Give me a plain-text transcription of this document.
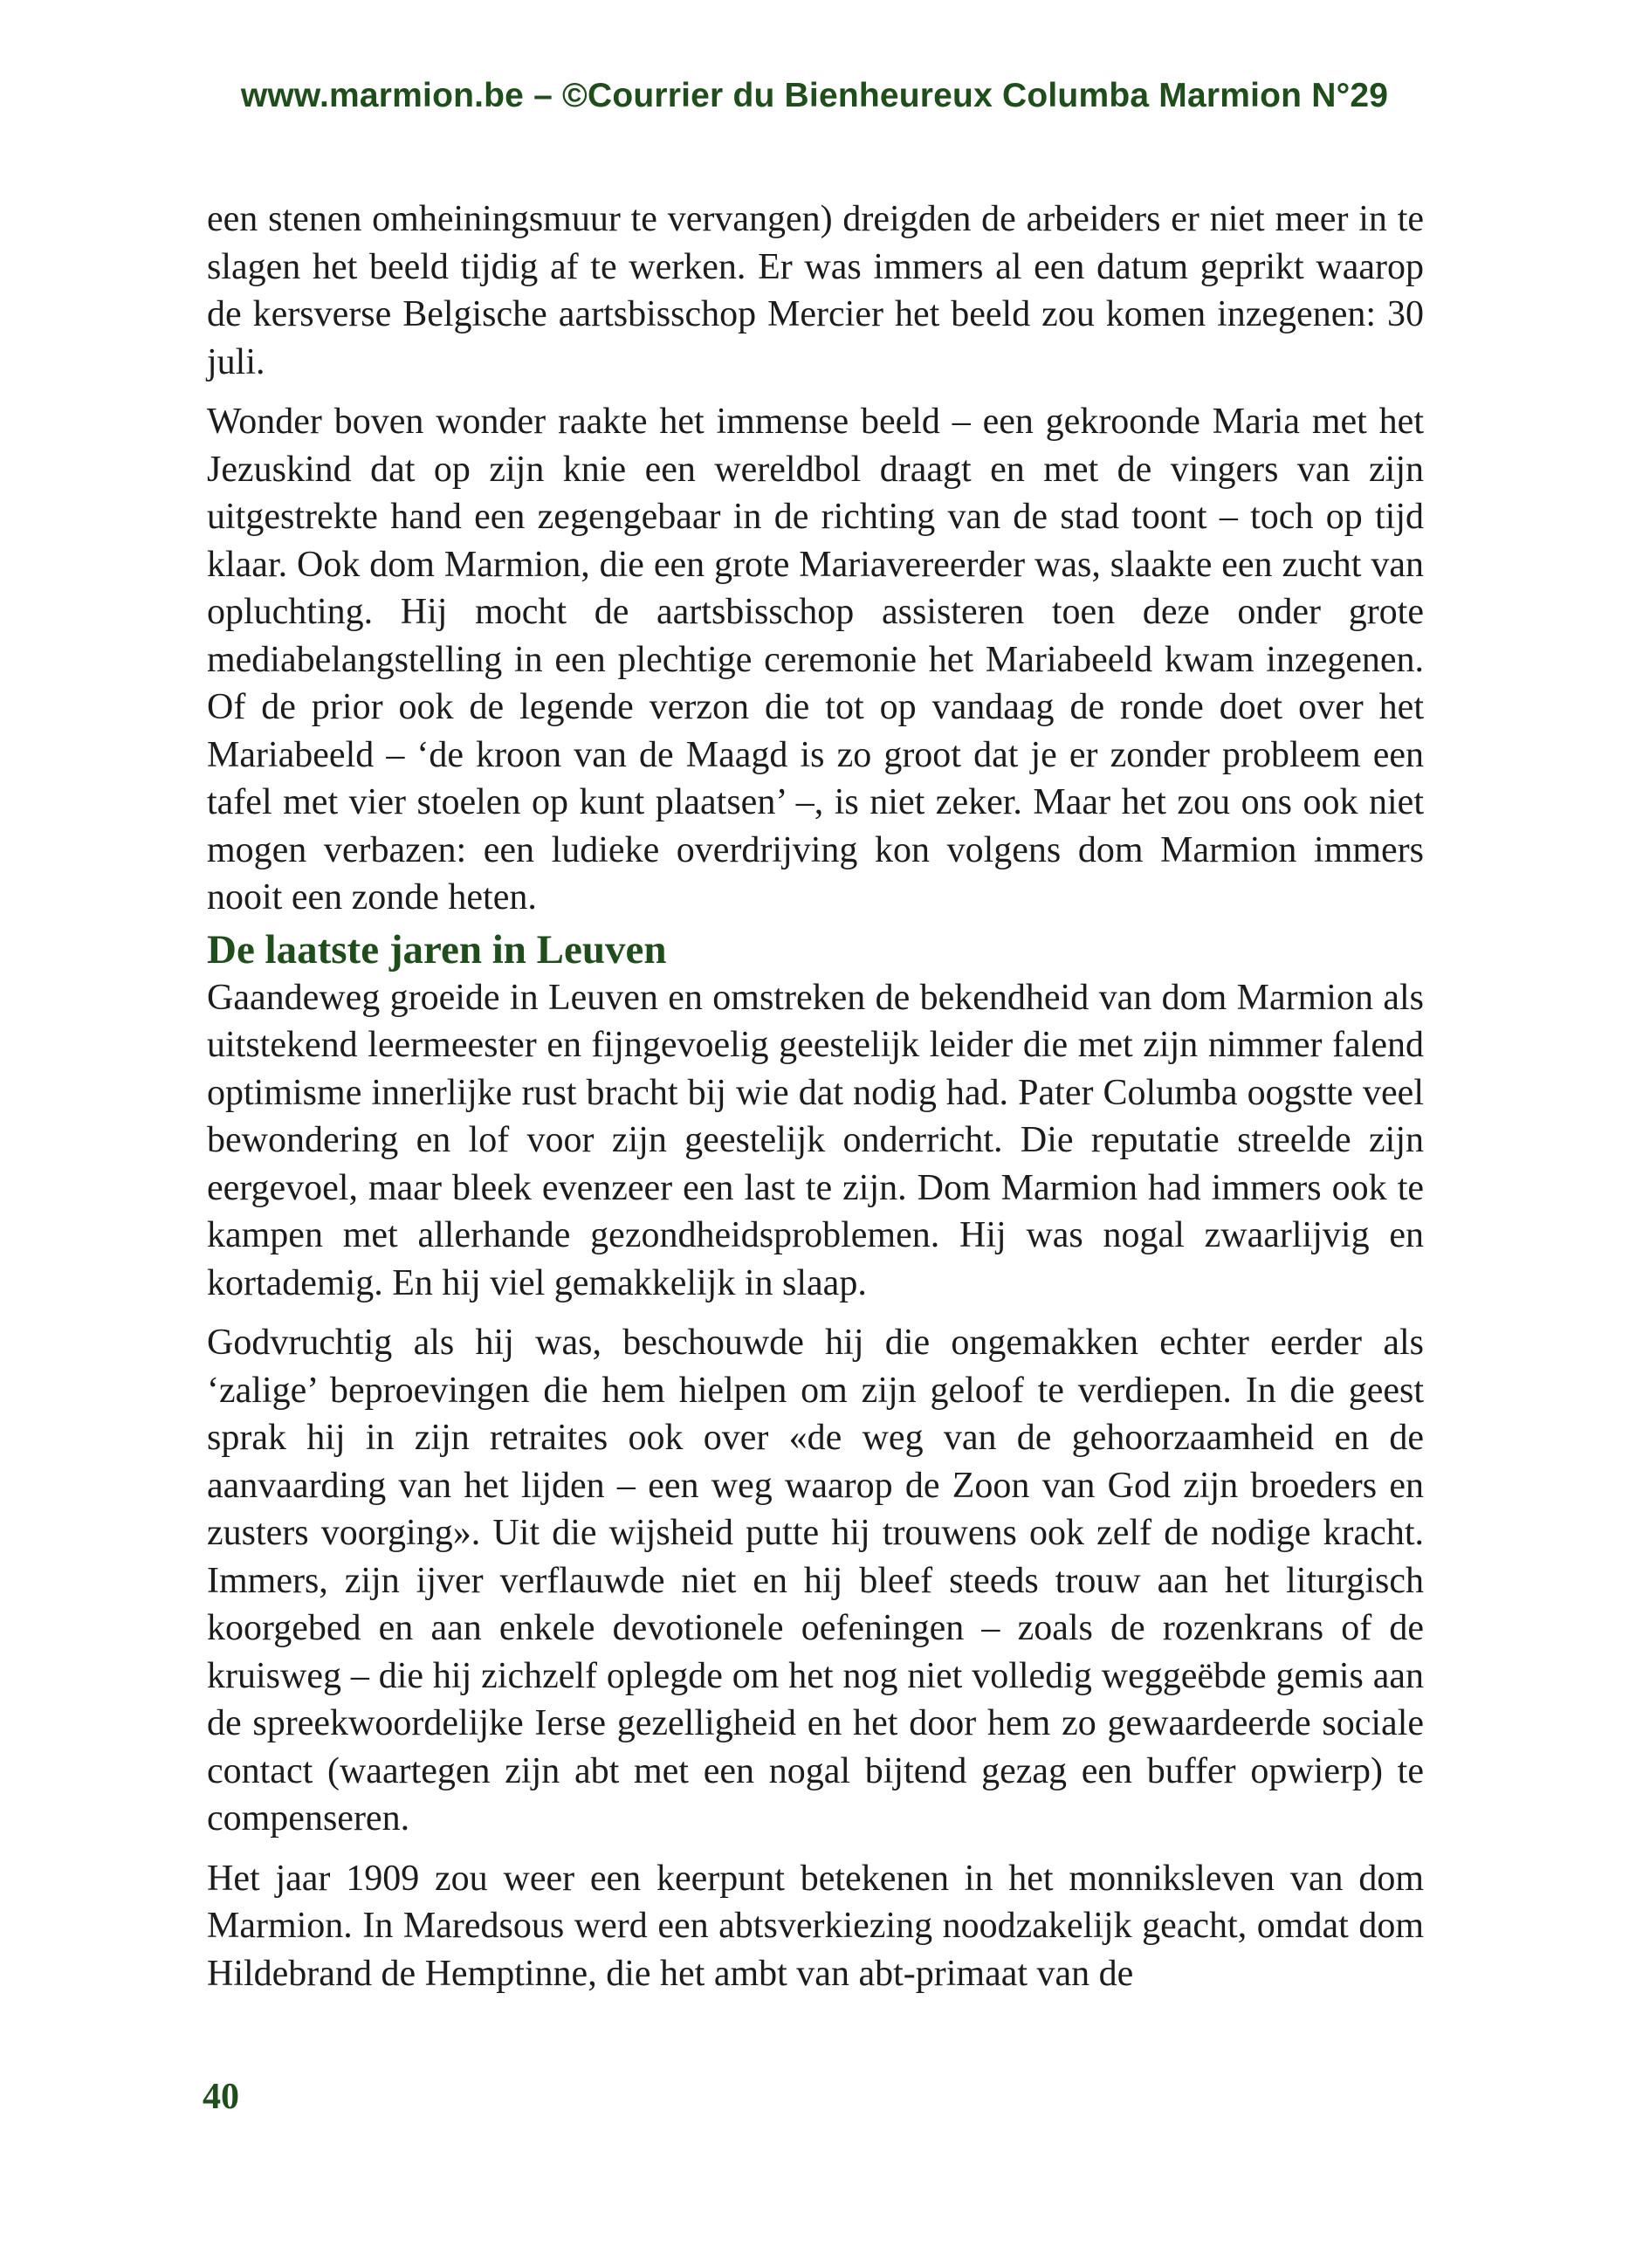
www.marmion.be – ©Courrier du Bienheureux Columba Marmion N°29

een stenen omheiningsmuur te vervangen) dreigden de arbeiders er niet meer in te slagen het beeld tijdig af te werken. Er was immers al een datum geprikt waarop de kersverse Belgische aartsbisschop Mercier het beeld zou komen inzegenen: 30 juli.

Wonder boven wonder raakte het immense beeld – een gekroonde Maria met het Jezuskind dat op zijn knie een wereldbol draagt en met de vingers van zijn uitgestrekte hand een zegengebaar in de richting van de stad toont – toch op tijd klaar. Ook dom Marmion, die een grote Mariavereerder was, slaakte een zucht van opluchting. Hij mocht de aartsbisschop assisteren toen deze onder grote mediabelangstelling in een plechtige ceremonie het Mariabeeld kwam inzegenen. Of de prior ook de legende verzon die tot op vandaag de ronde doet over het Mariabeeld – ‘de kroon van de Maagd is zo groot dat je er zonder probleem een tafel met vier stoelen op kunt plaatsen’ –, is niet zeker. Maar het zou ons ook niet mogen verbazen: een ludieke overdrijving kon volgens dom Marmion immers nooit een zonde heten.

De laatste jaren in Leuven

Gaandeweg groeide in Leuven en omstreken de bekendheid van dom Marmion als uitstekend leermeester en fijngevoelig geestelijk leider die met zijn nimmer falend optimisme innerlijke rust bracht bij wie dat nodig had. Pater Columba oogstte veel bewondering en lof voor zijn geestelijk onderricht. Die reputatie streelde zijn eergevoel, maar bleek evenzeer een last te zijn. Dom Marmion had immers ook te kampen met allerhande gezondheidsproblemen. Hij was nogal zwaarlijvig en kortademig. En hij viel gemakkelijk in slaap.

Godvruchtig als hij was, beschouwde hij die ongemakken echter eerder als ‘zalige’ beproevingen die hem hielpen om zijn geloof te verdiepen. In die geest sprak hij in zijn retraites ook over «de weg van de gehoorzaamheid en de aanvaarding van het lijden – een weg waarop de Zoon van God zijn broeders en zusters voorging». Uit die wijsheid putte hij trouwens ook zelf de nodige kracht. Immers, zijn ijver verflauwde niet en hij bleef steeds trouw aan het liturgisch koorgebed en aan enkele devotionele oefeningen – zoals de rozenkrans of de kruisweg – die hij zichzelf oplegde om het nog niet volledig weggeëbde gemis aan de spreekwoordelijke Ierse gezelligheid en het door hem zo gewaardeerde sociale contact (waartegen zijn abt met een nogal bijtend gezag een buffer opwierp) te compenseren.

Het jaar 1909 zou weer een keerpunt betekenen in het monniksleven van dom Marmion. In Maredsous werd een abtsverkiezing noodzakelijk geacht, omdat dom Hildebrand de Hemptinne, die het ambt van abt-primaat van de

40
